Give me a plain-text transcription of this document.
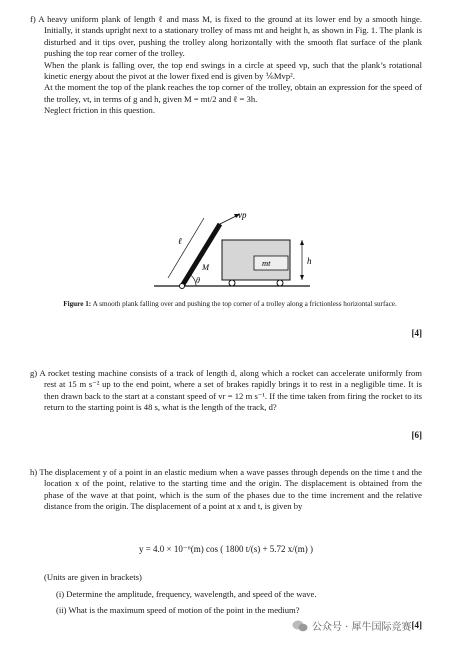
f) A heavy uniform plank of length ℓ and mass M, is fixed to the ground at its lower end by a smooth hinge. Initially, it stands upright next to a stationary trolley of mass mt and height h, as shown in Fig. 1. The plank is disturbed and it tips over, pushing the trolley along horizontally with the smooth flat surface of the plank pushing the top rear corner of the trolley.

When the plank is falling over, the top end swings in a circle at speed vp, such that the plank’s rotational kinetic energy about the pivot at the lower fixed end is given by ⅙Mvp².

At the moment the top of the plank reaches the top corner of the trolley, obtain an expression for the speed of the trolley, vt, in terms of g and h, given M = mt/2 and ℓ = 3h.

Neglect friction in this question.

vp
ℓ
M	mt	h
θ
Figure 1: A smooth plank falling over and pushing the top corner of a trolley along a frictionless horizontal surface.
[4]

g) A rocket testing machine consists of a track of length d, along which a rocket can accelerate uniformly from rest at 15 m s⁻² up to the end point, where a set of brakes rapidly brings it to rest in a negligible time. It is then drawn back to the start at a constant speed of vr = 12 m s⁻¹. If the time taken from firing the rocket to its return to the starting point is 48 s, what is the length of the track, d?

[6]

h) The displacement y of a point in an elastic medium when a wave passes through depends on the time t and the location x of the point, relative to the starting time and the origin. The displacement is obtained from the phase of the wave at that point, which is the sum of the phases due to the time increment and the relative distance from the origin. The displacement of a point at x and t, is given by

y = 4.0 × 10⁻⁶(m) cos ( 1800 t/(s) + 5.72 x/(m) )

(Units are given in brackets)

(i) Determine the amplitude, frequency, wavelength, and speed of the wave.

(ii) What is the maximum speed of motion of the point in the medium?

[4]
公众号 · 犀牛国际竞赛
